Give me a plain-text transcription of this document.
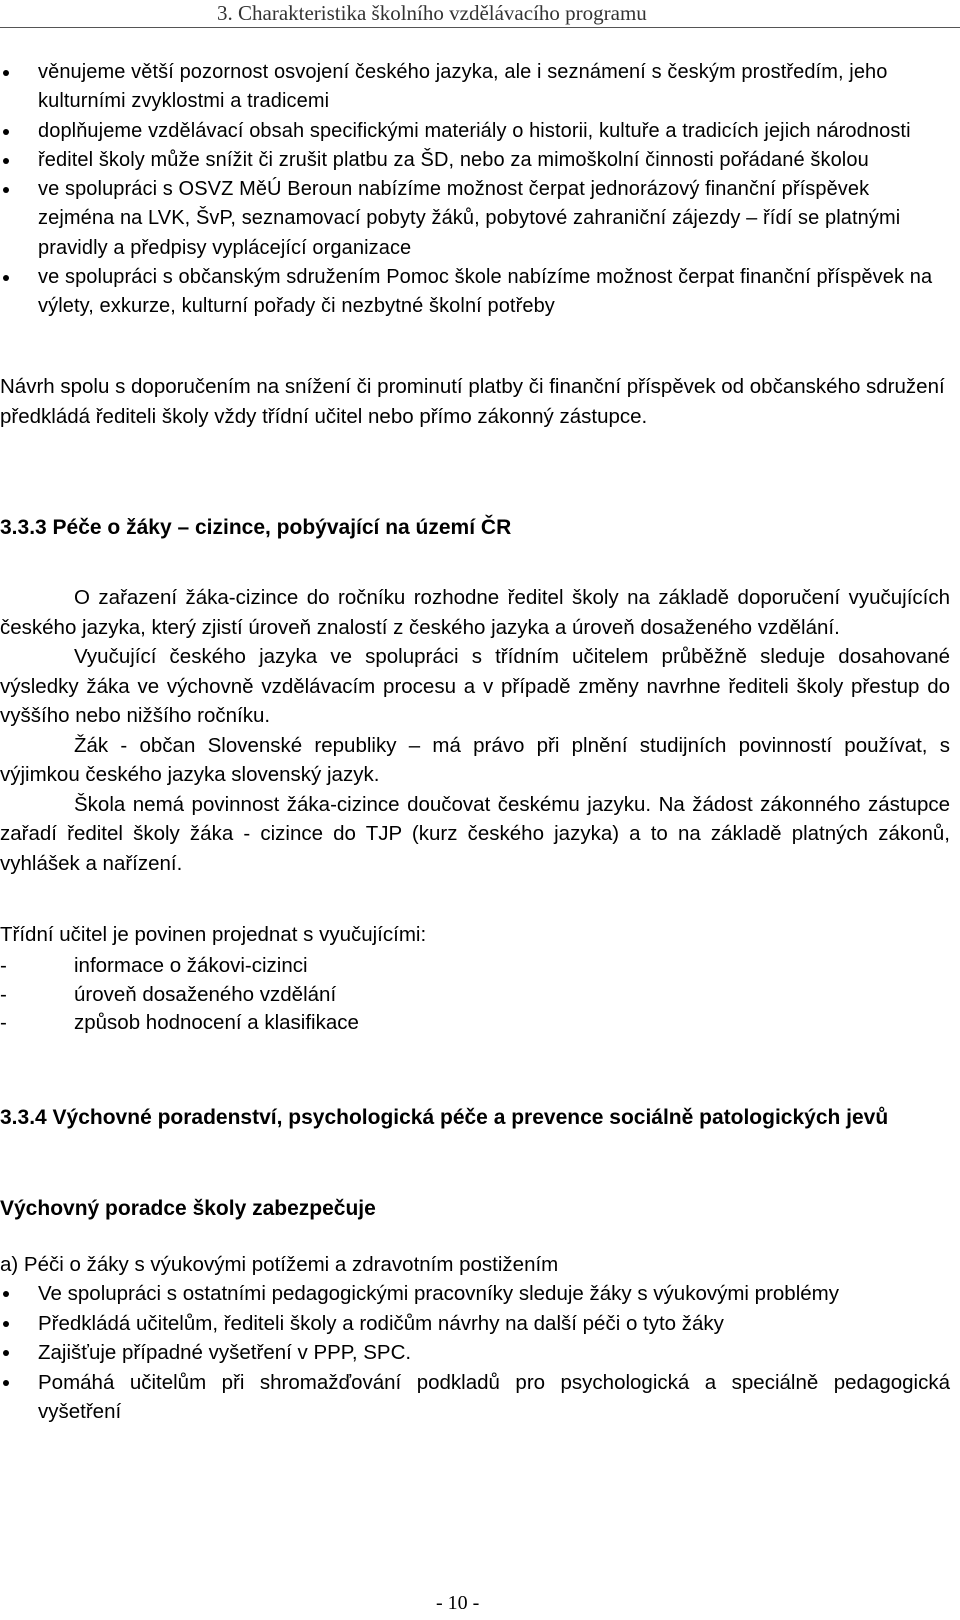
3. Charakteristika školního vzdělávacího programu
věnujeme větší pozornost osvojení českého jazyka, ale i seznámení s českým prostředím, jeho kulturními zvyklostmi a tradicemi
doplňujeme vzdělávací obsah specifickými materiály o historii, kultuře a tradicích jejich národnosti
ředitel školy může snížit či zrušit platbu za ŠD, nebo za mimoškolní činnosti pořádané školou
ve spolupráci s OSVZ MěÚ Beroun nabízíme možnost čerpat jednorázový finanční příspěvek zejména na LVK, ŠvP, seznamovací pobyty žáků, pobytové zahraniční zájezdy – řídí se platnými pravidly a předpisy vyplácející organizace
ve spolupráci s občanským sdružením Pomoc škole nabízíme možnost čerpat finanční příspěvek na výlety, exkurze, kulturní pořady či nezbytné školní potřeby
Návrh spolu s doporučením na snížení či prominutí platby či finanční příspěvek od občanského sdružení předkládá řediteli školy vždy třídní učitel nebo přímo zákonný zástupce.
3.3.3 Péče o žáky – cizince, pobývající na území ČR
O zařazení žáka-cizince do ročníku rozhodne ředitel školy na základě doporučení vyučujících českého jazyka, který zjistí úroveň znalostí z českého jazyka a úroveň dosaženého vzdělání.
Vyučující českého jazyka ve spolupráci s třídním učitelem průběžně sleduje dosahované výsledky žáka ve výchovně vzdělávacím procesu a v případě změny navrhne řediteli školy přestup do vyššího nebo nižšího ročníku.
Žák - občan Slovenské republiky – má právo při plnění studijních povinností používat, s výjimkou českého jazyka slovenský jazyk.
Škola nemá povinnost žáka-cizince doučovat českému jazyku. Na žádost zákonného zástupce zařadí ředitel školy žáka - cizince do TJP (kurz českého jazyka) a to na základě platných zákonů, vyhlášek a nařízení.
Třídní učitel je povinen projednat s vyučujícími:
-	informace o žákovi-cizinci
-	úroveň dosaženého vzdělání
-	způsob hodnocení a klasifikace
3.3.4 Výchovné poradenství, psychologická péče a prevence sociálně patologických jevů
Výchovný poradce školy zabezpečuje
a) Péči o žáky s výukovými potížemi a zdravotním postižením
Ve spolupráci s ostatními pedagogickými pracovníky sleduje žáky s výukovými problémy
Předkládá učitelům, řediteli školy a rodičům návrhy na další péči o tyto žáky
Zajišťuje případné vyšetření v PPP, SPC.
Pomáhá učitelům při shromažďování podkladů pro psychologická a speciálně pedagogická vyšetření
- 10 -
